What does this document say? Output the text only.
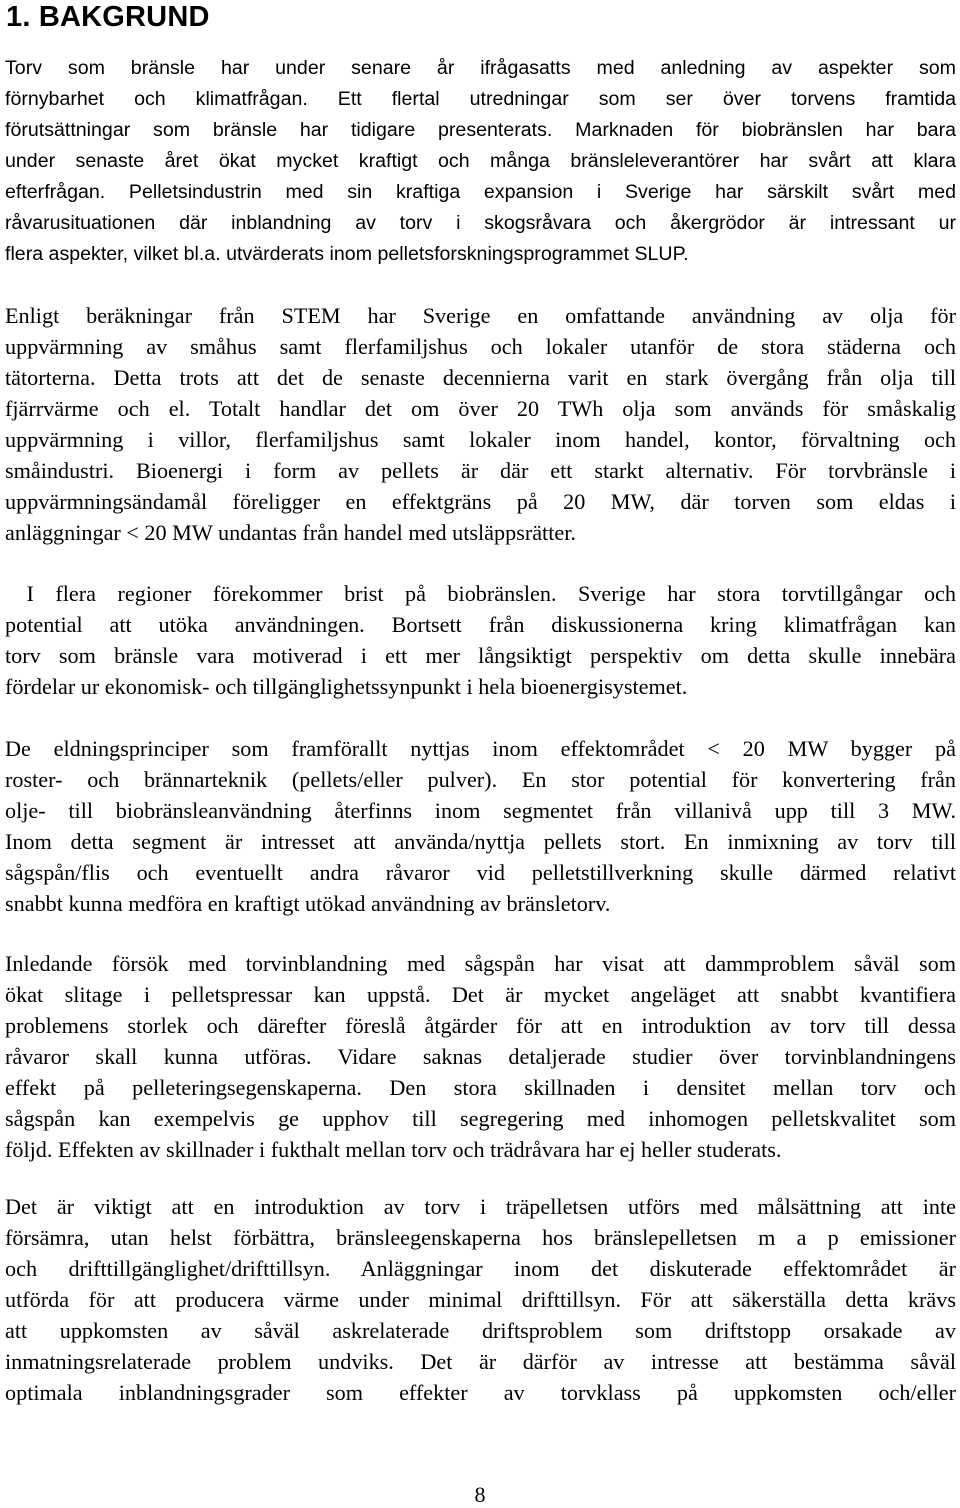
1. BAKGRUND
Torv som bränsle har under senare år ifrågasatts med anledning av aspekter som
förnybarhet och klimatfrågan. Ett flertal utredningar som ser över torvens framtida
förutsättningar som bränsle har tidigare presenterats. Marknaden för biobränslen har bara
under senaste året ökat mycket kraftigt och många bränsleleverantörer har svårt att klara
efterfrågan. Pelletsindustrin med sin kraftiga expansion i Sverige har särskilt svårt med
råvarusituationen där inblandning av torv i skogsråvara och åkergrödor är intressant ur
flera aspekter, vilket bl.a. utvärderats inom pelletsforskningsprogrammet SLUP.
Enligt beräkningar från STEM har Sverige en omfattande användning av olja för
uppvärmning av småhus samt flerfamiljshus och lokaler utanför de stora städerna och
tätorterna. Detta trots att det de senaste decennierna varit en stark övergång från olja till
fjärrvärme och el. Totalt handlar det om över 20 TWh olja som används för småskalig
uppvärmning i villor, flerfamiljshus samt lokaler inom handel, kontor, förvaltning och
småindustri. Bioenergi i form av pellets är där ett starkt alternativ. För torvbränsle i
uppvärmningsändamål föreligger en effektgräns på 20 MW, där torven som eldas i
anläggningar < 20 MW undantas från handel med utsläppsrätter.
I flera regioner förekommer brist på biobränslen. Sverige har stora torvtillgångar och
potential att utöka användningen. Bortsett från diskussionerna kring klimatfrågan kan
torv som bränsle vara motiverad i ett mer långsiktigt perspektiv om detta skulle innebära
fördelar ur ekonomisk- och tillgänglighetssynpunkt i hela bioenergisystemet.
De eldningsprinciper som framförallt nyttjas inom effektområdet < 20 MW bygger på
roster- och brännarteknik (pellets/eller pulver). En stor potential för konvertering från
olje- till biobränsleanvändning återfinns inom segmentet från villanivå upp till 3 MW.
Inom detta segment är intresset att använda/nyttja pellets stort. En inmixning av torv till
sågspån/flis och eventuellt andra råvaror vid pelletstillverkning skulle därmed relativt
snabbt kunna medföra en kraftigt utökad användning av bränsletorv.
Inledande försök med torvinblandning med sågspån har visat att dammproblem såväl som
ökat slitage i pelletspressar kan uppstå. Det är mycket angeläget att snabbt kvantifiera
problemens storlek och därefter föreslå åtgärder för att en introduktion av torv till dessa
råvaror skall kunna utföras. Vidare saknas detaljerade studier över torvinblandningens
effekt på pelleteringsegenskaperna. Den stora skillnaden i densitet mellan torv och
sågspån kan exempelvis ge upphov till segregering med inhomogen pelletskvalitet som
följd. Effekten av skillnader i fukthalt mellan torv och trädråvara har ej heller studerats.
Det är viktigt att en introduktion av torv i träpelletsen utförs med målsättning att inte
försämra, utan helst förbättra, bränsleegenskaperna hos bränslepelletsen m a p emissioner
och drifttillgänglighet/drifttillsyn. Anläggningar inom det diskuterade effektområdet är
utförda för att producera värme under minimal drifttillsyn. För att säkerställa detta krävs
att uppkomsten av såväl askrelaterade driftsproblem som driftstopp orsakade av
inmatningsrelaterade problem undviks. Det är därför av intresse att bestämma såväl
optimala inblandningsgrader som effekter av torvklass på uppkomsten och/eller
8
